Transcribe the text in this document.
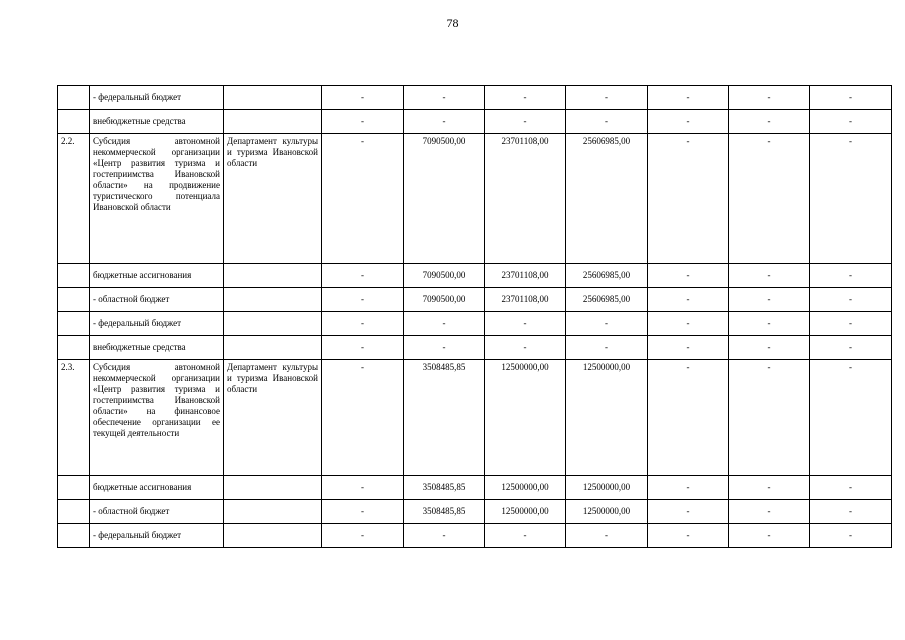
78
	- федеральный бюджет		-	-	-	-	-	-	-
	внебюджетные средства		-	-	-	-	-	-	-
2.2.	Субсидия автономной некоммерческой организации «Центр развития туризма и гостеприимства Ивановской области» на продвижение туристического потенциала Ивановской области	Департамент культуры и туризма Ивановской области	-	7090500,00	23701108,00	25606985,00	-	-	-
	бюджетные ассигнования		-	7090500,00	23701108,00	25606985,00	-	-	-
	- областной бюджет		-	7090500,00	23701108,00	25606985,00	-	-	-
	- федеральный бюджет		-	-	-	-	-	-	-
	внебюджетные средства		-	-	-	-	-	-	-
2.3.	Субсидия автономной некоммерческой организации «Центр развития туризма и гостеприимства Ивановской области» на финансовое обеспечение организации ее текущей деятельности	Департамент культуры и туризма Ивановской области	-	3508485,85	12500000,00	12500000,00	-	-	-
	бюджетные ассигнования		-	3508485,85	12500000,00	12500000,00	-	-	-
	- областной бюджет		-	3508485,85	12500000,00	12500000,00	-	-	-
	- федеральный бюджет		-	-	-	-	-	-	-
